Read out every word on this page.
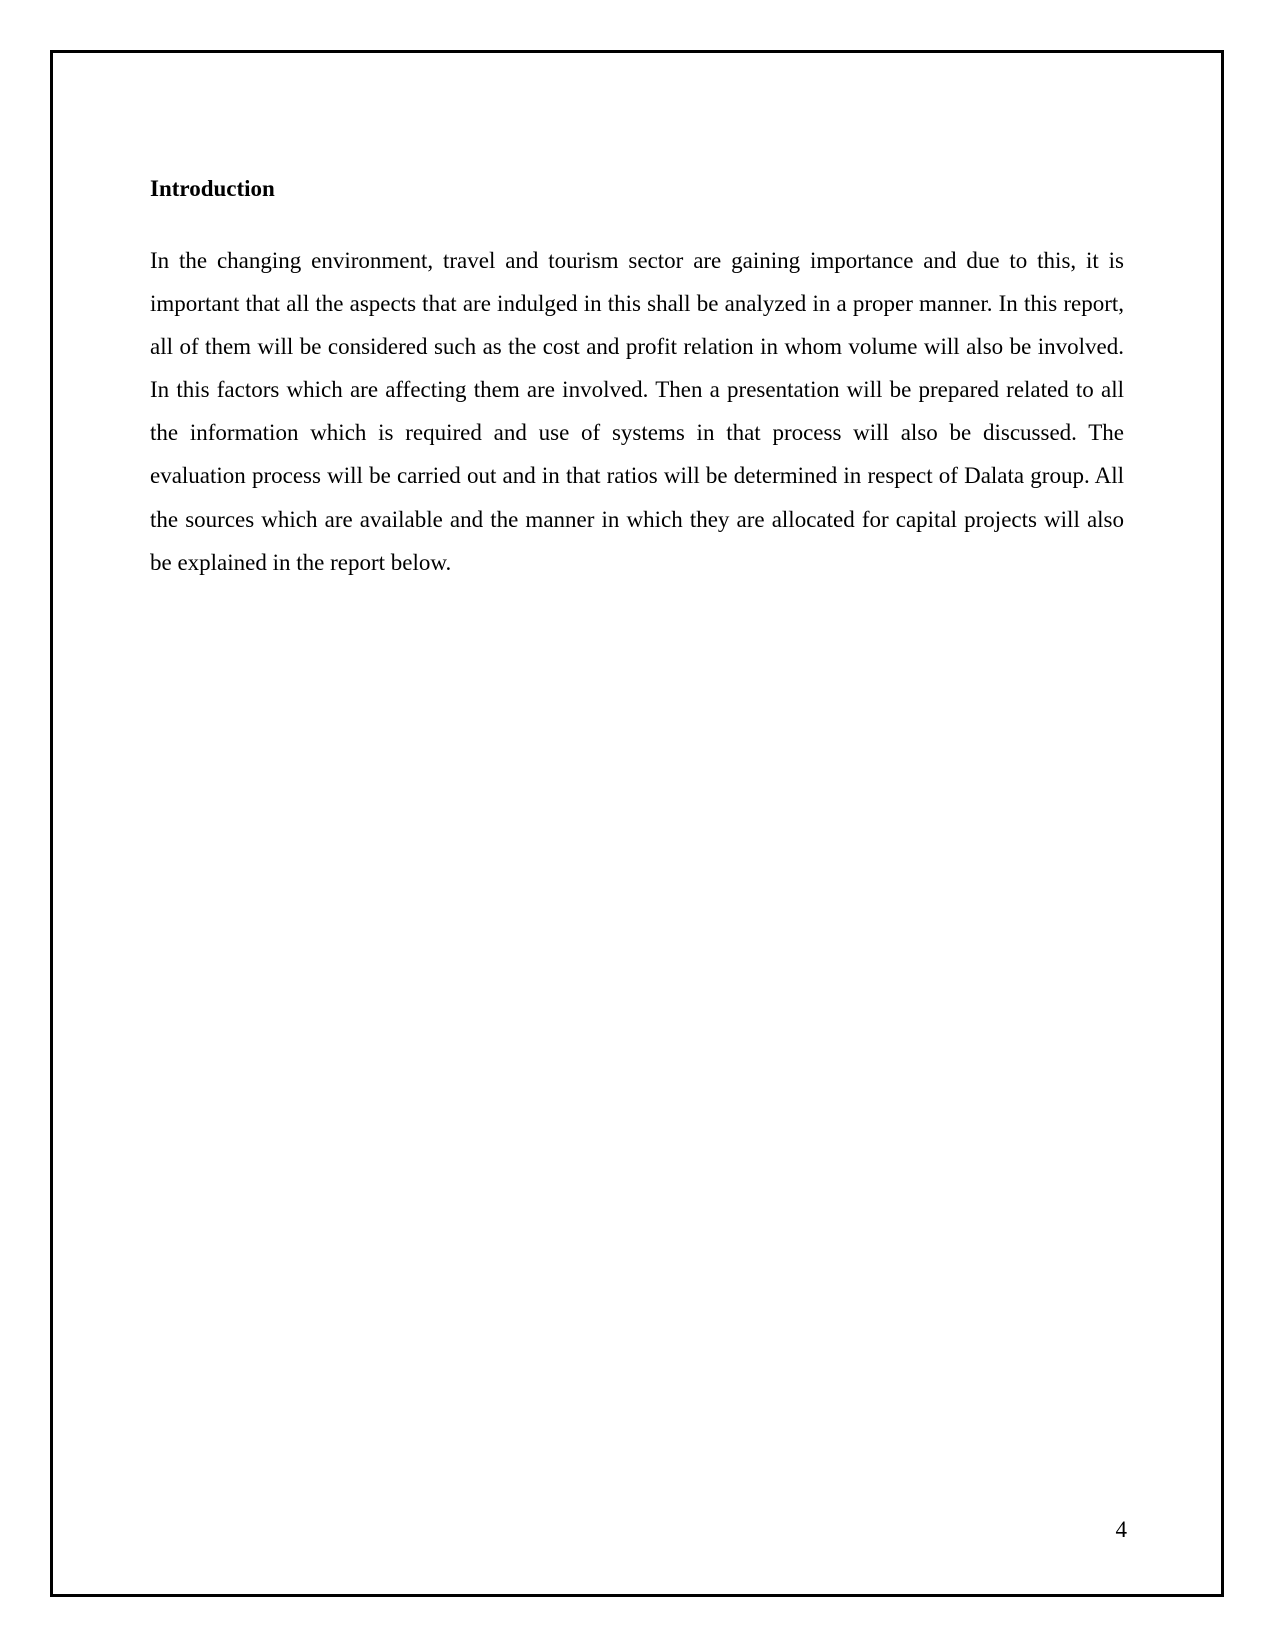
Introduction

In the changing environment, travel and tourism sector are gaining importance and due to this, it is important that all the aspects that are indulged in this shall be analyzed in a proper manner. In this report, all of them will be considered such as the cost and profit relation in whom volume will also be involved. In this factors which are affecting them are involved. Then a presentation will be prepared related to all the information which is required and use of systems in that process will also be discussed. The evaluation process will be carried out and in that ratios will be determined in respect of Dalata group. All the sources which are available and the manner in which they are allocated for capital projects will also be explained in the report below.

4
